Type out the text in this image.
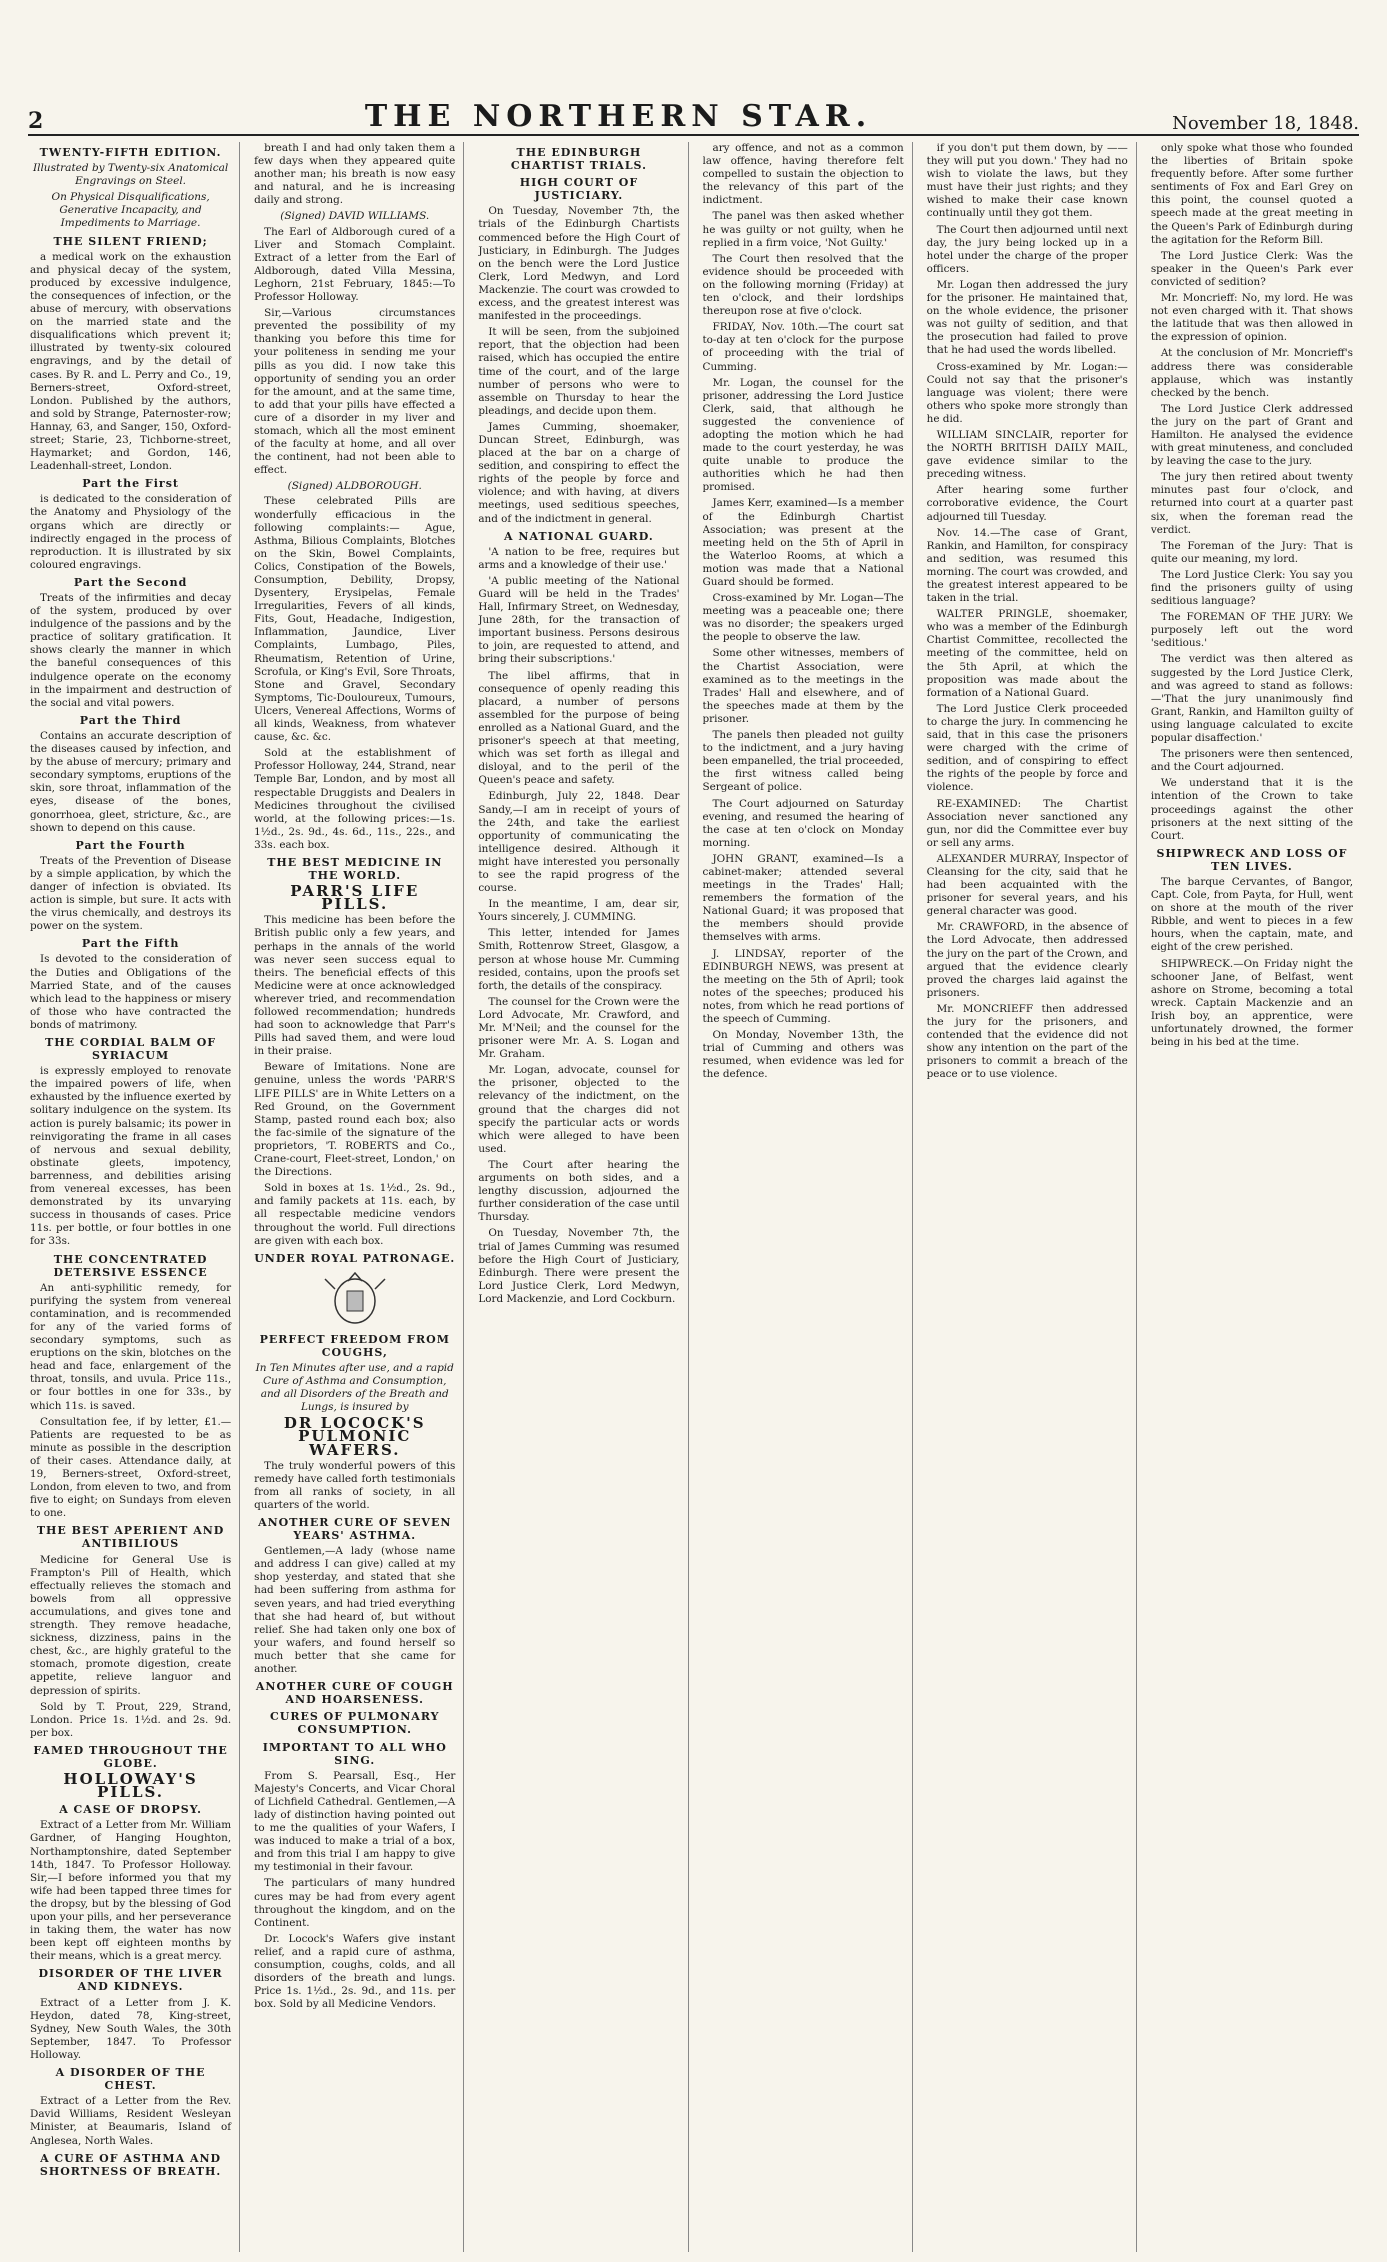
2	THE NORTHERN STAR.	November 18, 1848.
TWENTY-FIFTH EDITION.
Illustrated by Twenty-six Anatomical Engravings on Steel.
On Physical Disqualifications, Generative Incapacity, and Impediments to Marriage.
THE SILENT FRIEND;

a medical work on the exhaustion and physical decay of the system, produced by excessive indulgence, the consequences of infection, or the abuse of mercury, with observations on the married state and the disqualifications which prevent it; illustrated by twenty-six coloured engravings, and by the detail of cases. By R. and L. Perry and Co., 19, Berners-street, Oxford-street, London. Published by the authors, and sold by Strange, Paternoster-row; Hannay, 63, and Sanger, 150, Oxford-street; Starie, 23, Tichborne-street, Haymarket; and Gordon, 146, Leadenhall-street, London.

Part the First

is dedicated to the consideration of the Anatomy and Physiology of the organs which are directly or indirectly engaged in the process of reproduction. It is illustrated by six coloured engravings.

Part the Second

Treats of the infirmities and decay of the system, produced by over indulgence of the passions and by the practice of solitary gratification. It shows clearly the manner in which the baneful consequences of this indulgence operate on the economy in the impairment and destruction of the social and vital powers.

Part the Third

Contains an accurate description of the diseases caused by infection, and by the abuse of mercury; primary and secondary symptoms, eruptions of the skin, sore throat, inflammation of the eyes, disease of the bones, gonorrhoea, gleet, stricture, &c., are shown to depend on this cause.

Part the Fourth

Treats of the Prevention of Disease by a simple application, by which the danger of infection is obviated. Its action is simple, but sure. It acts with the virus chemically, and destroys its power on the system.

Part the Fifth

Is devoted to the consideration of the Duties and Obligations of the Married State, and of the causes which lead to the happiness or misery of those who have contracted the bonds of matrimony.

THE CORDIAL BALM OF SYRIACUM

is expressly employed to renovate the impaired powers of life, when exhausted by the influence exerted by solitary indulgence on the system. Its action is purely balsamic; its power in reinvigorating the frame in all cases of nervous and sexual debility, obstinate gleets, impotency, barrenness, and debilities arising from venereal excesses, has been demonstrated by its unvarying success in thousands of cases. Price 11s. per bottle, or four bottles in one for 33s.

THE CONCENTRATED DETERSIVE ESSENCE

An anti-syphilitic remedy, for purifying the system from venereal contamination, and is recommended for any of the varied forms of secondary symptoms, such as eruptions on the skin, blotches on the head and face, enlargement of the throat, tonsils, and uvula. Price 11s., or four bottles in one for 33s., by which 11s. is saved.

Consultation fee, if by letter, £1.—Patients are requested to be as minute as possible in the description of their cases. Attendance daily, at 19, Berners-street, Oxford-street, London, from eleven to two, and from five to eight; on Sundays from eleven to one.

THE BEST APERIENT AND ANTIBILIOUS

Medicine for General Use is Frampton's Pill of Health, which effectually relieves the stomach and bowels from all oppressive accumulations, and gives tone and strength. They remove headache, sickness, dizziness, pains in the chest, &c., are highly grateful to the stomach, promote digestion, create appetite, relieve languor and depression of spirits.

Sold by T. Prout, 229, Strand, London. Price 1s. 1½d. and 2s. 9d. per box.

FAMED THROUGHOUT THE GLOBE.
HOLLOWAY'S PILLS.
A CASE OF DROPSY.

Extract of a Letter from Mr. William Gardner, of Hanging Houghton, Northamptonshire, dated September 14th, 1847. To Professor Holloway. Sir,—I before informed you that my wife had been tapped three times for the dropsy, but by the blessing of God upon your pills, and her perseverance in taking them, the water has now been kept off eighteen months by their means, which is a great mercy.

DISORDER OF THE LIVER AND KIDNEYS.

Extract of a Letter from J. K. Heydon, dated 78, King-street, Sydney, New South Wales, the 30th September, 1847. To Professor Holloway.

A DISORDER OF THE CHEST.

Extract of a Letter from the Rev. David Williams, Resident Wesleyan Minister, at Beaumaris, Island of Anglesea, North Wales.

A CURE OF ASTHMA AND SHORTNESS OF BREATH.

breath I and had only taken them a few days when they appeared quite another man; his breath is now easy and natural, and he is increasing daily and strong.

(Signed) DAVID WILLIAMS.

The Earl of Aldborough cured of a Liver and Stomach Complaint. Extract of a letter from the Earl of Aldborough, dated Villa Messina, Leghorn, 21st February, 1845:—To Professor Holloway.

Sir,—Various circumstances prevented the possibility of my thanking you before this time for your politeness in sending me your pills as you did. I now take this opportunity of sending you an order for the amount, and at the same time, to add that your pills have effected a cure of a disorder in my liver and stomach, which all the most eminent of the faculty at home, and all over the continent, had not been able to effect.

(Signed) ALDBOROUGH.

These celebrated Pills are wonderfully efficacious in the following complaints:— Ague, Asthma, Bilious Complaints, Blotches on the Skin, Bowel Complaints, Colics, Constipation of the Bowels, Consumption, Debility, Dropsy, Dysentery, Erysipelas, Female Irregularities, Fevers of all kinds, Fits, Gout, Headache, Indigestion, Inflammation, Jaundice, Liver Complaints, Lumbago, Piles, Rheumatism, Retention of Urine, Scrofula, or King's Evil, Sore Throats, Stone and Gravel, Secondary Symptoms, Tic-Douloureux, Tumours, Ulcers, Venereal Affections, Worms of all kinds, Weakness, from whatever cause, &c. &c.

Sold at the establishment of Professor Holloway, 244, Strand, near Temple Bar, London, and by most all respectable Druggists and Dealers in Medicines throughout the civilised world, at the following prices:—1s. 1½d., 2s. 9d., 4s. 6d., 11s., 22s., and 33s. each box.

THE BEST MEDICINE IN THE WORLD.
PARR'S LIFE PILLS.

This medicine has been before the British public only a few years, and perhaps in the annals of the world was never seen success equal to theirs. The beneficial effects of this Medicine were at once acknowledged wherever tried, and recommendation followed recommendation; hundreds had soon to acknowledge that Parr's Pills had saved them, and were loud in their praise.

Beware of Imitations. None are genuine, unless the words 'PARR'S LIFE PILLS' are in White Letters on a Red Ground, on the Government Stamp, pasted round each box; also the fac-simile of the signature of the proprietors, 'T. ROBERTS and Co., Crane-court, Fleet-street, London,' on the Directions.

Sold in boxes at 1s. 1½d., 2s. 9d., and family packets at 11s. each, by all respectable medicine vendors throughout the world. Full directions are given with each box.

UNDER ROYAL PATRONAGE.
PERFECT FREEDOM FROM COUGHS,
In Ten Minutes after use, and a rapid Cure of Asthma and Consumption, and all Disorders of the Breath and Lungs, is insured by
DR LOCOCK'S PULMONIC WAFERS.

The truly wonderful powers of this remedy have called forth testimonials from all ranks of society, in all quarters of the world.

ANOTHER CURE OF SEVEN YEARS' ASTHMA.

Gentlemen,—A lady (whose name and address I can give) called at my shop yesterday, and stated that she had been suffering from asthma for seven years, and had tried everything that she had heard of, but without relief. She had taken only one box of your wafers, and found herself so much better that she came for another.

ANOTHER CURE OF COUGH AND HOARSENESS.
CURES OF PULMONARY CONSUMPTION.
IMPORTANT TO ALL WHO SING.

From S. Pearsall, Esq., Her Majesty's Concerts, and Vicar Choral of Lichfield Cathedral. Gentlemen,—A lady of distinction having pointed out to me the qualities of your Wafers, I was induced to make a trial of a box, and from this trial I am happy to give my testimonial in their favour.

The particulars of many hundred cures may be had from every agent throughout the kingdom, and on the Continent.

Dr. Locock's Wafers give instant relief, and a rapid cure of asthma, consumption, coughs, colds, and all disorders of the breath and lungs. Price 1s. 1½d., 2s. 9d., and 11s. per box. Sold by all Medicine Vendors.

THE EDINBURGH CHARTIST TRIALS.
HIGH COURT OF JUSTICIARY.

On Tuesday, November 7th, the trials of the Edinburgh Chartists commenced before the High Court of Justiciary, in Edinburgh. The Judges on the bench were the Lord Justice Clerk, Lord Medwyn, and Lord Mackenzie. The court was crowded to excess, and the greatest interest was manifested in the proceedings.

It will be seen, from the subjoined report, that the objection had been raised, which has occupied the entire time of the court, and of the large number of persons who were to assemble on Thursday to hear the pleadings, and decide upon them.

James Cumming, shoemaker, Duncan Street, Edinburgh, was placed at the bar on a charge of sedition, and conspiring to effect the rights of the people by force and violence; and with having, at divers meetings, used seditious speeches, and of the indictment in general.

A NATIONAL GUARD.

'A nation to be free, requires but arms and a knowledge of their use.'

'A public meeting of the National Guard will be held in the Trades' Hall, Infirmary Street, on Wednesday, June 28th, for the transaction of important business. Persons desirous to join, are requested to attend, and bring their subscriptions.'

The libel affirms, that in consequence of openly reading this placard, a number of persons assembled for the purpose of being enrolled as a National Guard, and the prisoner's speech at that meeting, which was set forth as illegal and disloyal, and to the peril of the Queen's peace and safety.

Edinburgh, July 22, 1848. Dear Sandy,—I am in receipt of yours of the 24th, and take the earliest opportunity of communicating the intelligence desired. Although it might have interested you personally to see the rapid progress of the course.

In the meantime, I am, dear sir, Yours sincerely, J. CUMMING.

This letter, intended for James Smith, Rottenrow Street, Glasgow, a person at whose house Mr. Cumming resided, contains, upon the proofs set forth, the details of the conspiracy.

The counsel for the Crown were the Lord Advocate, Mr. Crawford, and Mr. M'Neil; and the counsel for the prisoner were Mr. A. S. Logan and Mr. Graham.

Mr. Logan, advocate, counsel for the prisoner, objected to the relevancy of the indictment, on the ground that the charges did not specify the particular acts or words which were alleged to have been used.

The Court after hearing the arguments on both sides, and a lengthy discussion, adjourned the further consideration of the case until Thursday.

On Tuesday, November 7th, the trial of James Cumming was resumed before the High Court of Justiciary, Edinburgh. There were present the Lord Justice Clerk, Lord Medwyn, Lord Mackenzie, and Lord Cockburn.

ary offence, and not as a common law offence, having therefore felt compelled to sustain the objection to the relevancy of this part of the indictment.

The panel was then asked whether he was guilty or not guilty, when he replied in a firm voice, 'Not Guilty.'

The Court then resolved that the evidence should be proceeded with on the following morning (Friday) at ten o'clock, and their lordships thereupon rose at five o'clock.

FRIDAY, Nov. 10th.—The court sat to-day at ten o'clock for the purpose of proceeding with the trial of Cumming.

Mr. Logan, the counsel for the prisoner, addressing the Lord Justice Clerk, said, that although he suggested the convenience of adopting the motion which he had made to the court yesterday, he was quite unable to produce the authorities which he had then promised.

James Kerr, examined—Is a member of the Edinburgh Chartist Association; was present at the meeting held on the 5th of April in the Waterloo Rooms, at which a motion was made that a National Guard should be formed.

Cross-examined by Mr. Logan—The meeting was a peaceable one; there was no disorder; the speakers urged the people to observe the law.

Some other witnesses, members of the Chartist Association, were examined as to the meetings in the Trades' Hall and elsewhere, and of the speeches made at them by the prisoner.

The panels then pleaded not guilty to the indictment, and a jury having been empanelled, the trial proceeded, the first witness called being Sergeant of police.

The Court adjourned on Saturday evening, and resumed the hearing of the case at ten o'clock on Monday morning.

JOHN GRANT, examined—Is a cabinet-maker; attended several meetings in the Trades' Hall; remembers the formation of the National Guard; it was proposed that the members should provide themselves with arms.

J. LINDSAY, reporter of the EDINBURGH NEWS, was present at the meeting on the 5th of April; took notes of the speeches; produced his notes, from which he read portions of the speech of Cumming.

On Monday, November 13th, the trial of Cumming and others was resumed, when evidence was led for the defence.

if you don't put them down, by —— they will put you down.' They had no wish to violate the laws, but they must have their just rights; and they wished to make their case known continually until they got them.

The Court then adjourned until next day, the jury being locked up in a hotel under the charge of the proper officers.

Mr. Logan then addressed the jury for the prisoner. He maintained that, on the whole evidence, the prisoner was not guilty of sedition, and that the prosecution had failed to prove that he had used the words libelled.

Cross-examined by Mr. Logan:—Could not say that the prisoner's language was violent; there were others who spoke more strongly than he did.

WILLIAM SINCLAIR, reporter for the NORTH BRITISH DAILY MAIL, gave evidence similar to the preceding witness.

After hearing some further corroborative evidence, the Court adjourned till Tuesday.

Nov. 14.—The case of Grant, Rankin, and Hamilton, for conspiracy and sedition, was resumed this morning. The court was crowded, and the greatest interest appeared to be taken in the trial.

WALTER PRINGLE, shoemaker, who was a member of the Edinburgh Chartist Committee, recollected the meeting of the committee, held on the 5th April, at which the proposition was made about the formation of a National Guard.

The Lord Justice Clerk proceeded to charge the jury. In commencing he said, that in this case the prisoners were charged with the crime of sedition, and of conspiring to effect the rights of the people by force and violence.

RE-EXAMINED: The Chartist Association never sanctioned any gun, nor did the Committee ever buy or sell any arms.

ALEXANDER MURRAY, Inspector of Cleansing for the city, said that he had been acquainted with the prisoner for several years, and his general character was good.

Mr. CRAWFORD, in the absence of the Lord Advocate, then addressed the jury on the part of the Crown, and argued that the evidence clearly proved the charges laid against the prisoners.

Mr. MONCRIEFF then addressed the jury for the prisoners, and contended that the evidence did not show any intention on the part of the prisoners to commit a breach of the peace or to use violence.

only spoke what those who founded the liberties of Britain spoke frequently before. After some further sentiments of Fox and Earl Grey on this point, the counsel quoted a speech made at the great meeting in the Queen's Park of Edinburgh during the agitation for the Reform Bill.

The Lord Justice Clerk: Was the speaker in the Queen's Park ever convicted of sedition?

Mr. Moncrieff: No, my lord. He was not even charged with it. That shows the latitude that was then allowed in the expression of opinion.

At the conclusion of Mr. Moncrieff's address there was considerable applause, which was instantly checked by the bench.

The Lord Justice Clerk addressed the jury on the part of Grant and Hamilton. He analysed the evidence with great minuteness, and concluded by leaving the case to the jury.

The jury then retired about twenty minutes past four o'clock, and returned into court at a quarter past six, when the foreman read the verdict.

The Foreman of the Jury: That is quite our meaning, my lord.

The Lord Justice Clerk: You say you find the prisoners guilty of using seditious language?

The FOREMAN OF THE JURY: We purposely left out the word 'seditious.'

The verdict was then altered as suggested by the Lord Justice Clerk, and was agreed to stand as follows:—'That the jury unanimously find Grant, Rankin, and Hamilton guilty of using language calculated to excite popular disaffection.'

The prisoners were then sentenced, and the Court adjourned.

We understand that it is the intention of the Crown to take proceedings against the other prisoners at the next sitting of the Court.

SHIPWRECK AND LOSS OF TEN LIVES.

The barque Cervantes, of Bangor, Capt. Cole, from Payta, for Hull, went on shore at the mouth of the river Ribble, and went to pieces in a few hours, when the captain, mate, and eight of the crew perished.

SHIPWRECK.—On Friday night the schooner Jane, of Belfast, went ashore on Strome, becoming a total wreck. Captain Mackenzie and an Irish boy, an apprentice, were unfortunately drowned, the former being in his bed at the time.
